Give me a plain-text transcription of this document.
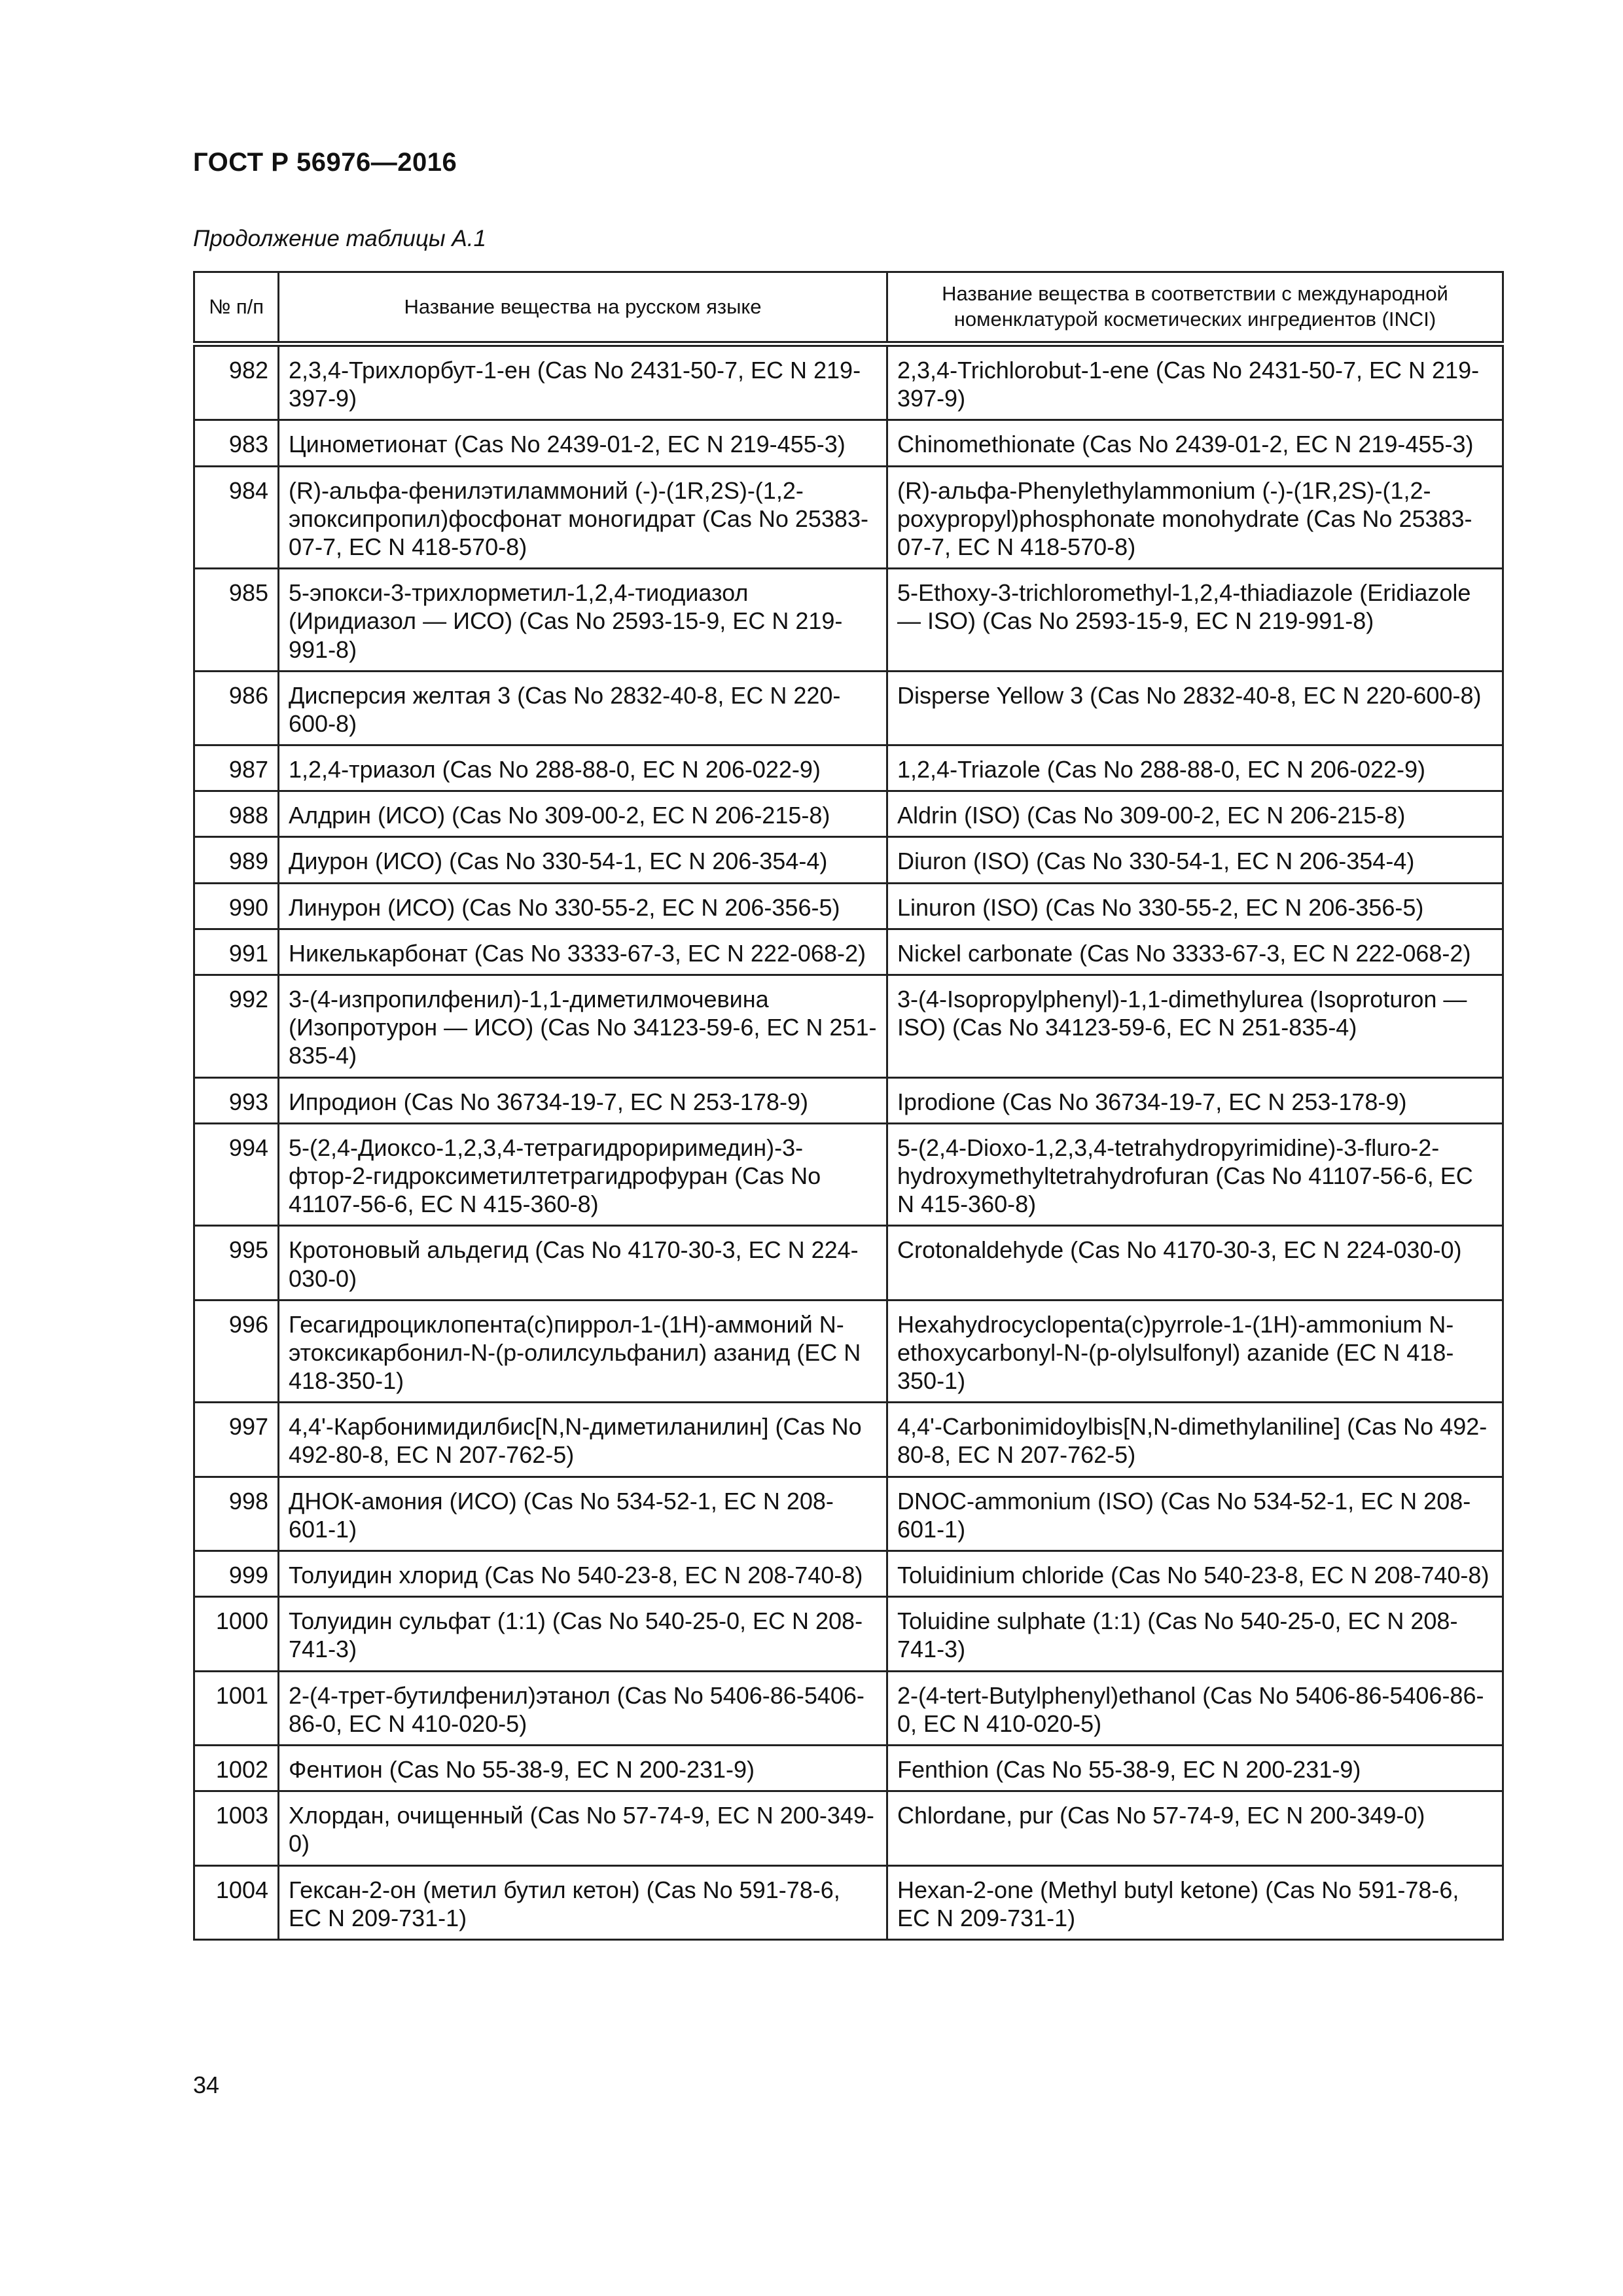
ГОСТ Р 56976—2016
Продолжение таблицы А.1
№ п/п	Название вещества на русском языке	Название вещества в соответствии с международной номенклатурой косметических ингредиентов (INCI)
982	2,3,4-Трихлорбут-1-ен (Cas No 2431-50-7, EC N 219-397-9)	2,3,4-Trichlorobut-1-ene (Cas No 2431-50-7, EC N 219-397-9)
983	Цинометионат (Cas No 2439-01-2, EC N 219-455-3)	Chinomethionate (Cas No 2439-01-2, EC N 219-455-3)
984	(R)-альфа-фенилэтиламмоний (-)-(1R,2S)-(1,2-эпоксипропил)фосфонат моногидрат (Cas No 25383-07-7, EC N 418-570-8)	(R)-альфа-Phenylethylammonium (-)-(1R,2S)-(1,2-poxypropyl)phosphonate monohydrate (Cas No 25383-07-7, EC N 418-570-8)
985	5-эпокси-3-трихлорметил-1,2,4-тиодиазол (Иридиазол — ИСО) (Cas No 2593-15-9, EC N 219-991-8)	5-Ethoxy-3-trichloromethyl-1,2,4-thiadiazole (Eridiazole — ISO) (Cas No 2593-15-9, EC N 219-991-8)
986	Дисперсия желтая 3 (Cas No 2832-40-8, EC N 220-600-8)	Disperse Yellow 3 (Cas No 2832-40-8, EC N 220-600-8)
987	1,2,4-триазол (Cas No 288-88-0, EC N 206-022-9)	1,2,4-Triazole (Cas No 288-88-0, EC N 206-022-9)
988	Алдрин (ИСО) (Cas No 309-00-2, EC N 206-215-8)	Aldrin (ISO) (Cas No 309-00-2, EC N 206-215-8)
989	Диурон (ИСО) (Cas No 330-54-1, EC N 206-354-4)	Diuron (ISO) (Cas No 330-54-1, EC N 206-354-4)
990	Линурон (ИСО) (Cas No 330-55-2, EC N 206-356-5)	Linuron (ISO) (Cas No 330-55-2, EC N 206-356-5)
991	Никелькарбонат (Cas No 3333-67-3, EC N 222-068-2)	Nickel carbonate (Cas No 3333-67-3, EC N 222-068-2)
992	3-(4-изпропилфенил)-1,1-диметилмочевина (Изопротурон — ИСО) (Cas No 34123-59-6, EC N 251-835-4)	3-(4-Isopropylphenyl)-1,1-dimethylurea (Isoproturon — ISO) (Cas No 34123-59-6, EC N 251-835-4)
993	Ипродион (Cas No 36734-19-7, EC N 253-178-9)	Iprodione (Cas No 36734-19-7, EC N 253-178-9)
994	5-(2,4-Диоксо-1,2,3,4-тетрагидрориримедин)-3-фтор-2-гидроксиметилтетрагидрофуран (Cas No 41107-56-6, EC N 415-360-8)	5-(2,4-Dioxo-1,2,3,4-tetrahydropyrimidine)-3-fluro-2-hydroxymethyltetrahydrofuran (Cas No 41107-56-6, EC N 415-360-8)
995	Кротоновый альдегид (Cas No 4170-30-3, EC N 224-030-0)	Crotonaldehyde (Cas No 4170-30-3, EC N 224-030-0)
996	Гесагидроциклопента(с)пиррол-1-(1Н)-аммоний N-этоксикарбонил-N-(р-олилсульфанил) азанид (EC N 418-350-1)	Hexahydrocyclopenta(c)pyrrole-1-(1H)-ammonium N-ethoxycarbonyl-N-(p-olylsulfonyl) azanide (EC N 418-350-1)
997	4,4'-Карбонимидилбис[N,N-диметиланилин] (Cas No 492-80-8, EC N 207-762-5)	4,4'-Carbonimidoylbis[N,N-dimethylaniline] (Cas No 492-80-8, EC N 207-762-5)
998	ДНОК-амония (ИСО) (Cas No 534-52-1, EC N 208-601-1)	DNOC-ammonium (ISO) (Cas No 534-52-1, EC N 208-601-1)
999	Толуидин хлорид (Cas No 540-23-8, EC N 208-740-8)	Toluidinium chloride (Cas No 540-23-8, EC N 208-740-8)
1000	Толуидин сульфат (1:1) (Cas No 540-25-0, EC N 208-741-3)	Toluidine sulphate (1:1) (Cas No 540-25-0, EC N 208-741-3)
1001	2-(4-трет-бутилфенил)этанол (Cas No 5406-86-5406-86-0, EC N 410-020-5)	2-(4-tert-Butylphenyl)ethanol (Cas No 5406-86-5406-86-0, EC N 410-020-5)
1002	Фентион (Cas No 55-38-9, EC N 200-231-9)	Fenthion (Cas No 55-38-9, EC N 200-231-9)
1003	Хлордан, очищенный (Cas No 57-74-9, EC N 200-349-0)	Chlordane, pur (Cas No 57-74-9, EC N 200-349-0)
1004	Гексан-2-он (метил бутил кетон) (Cas No 591-78-6, EC N 209-731-1)	Hexan-2-one (Methyl butyl ketone) (Cas No 591-78-6, EC N 209-731-1)
34
